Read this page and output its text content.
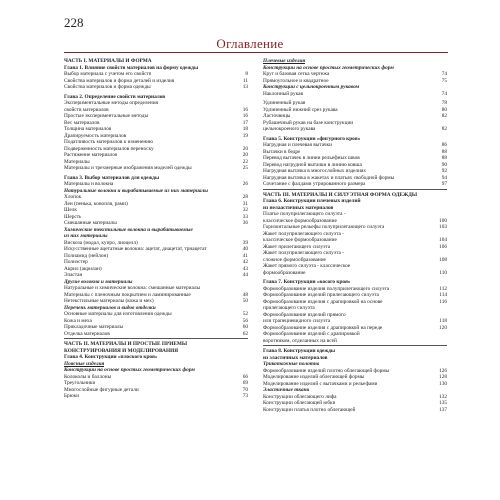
228
Оглавление
ЧАСТЬ I. МАТЕРИАЛЫ И ФОРМА
Глава 1. Влияние свойств материалов на форму одежды
Выбор материала с учетом его свойств	8
Свойства материалов и форма деталей и изделия	11
Свойства материалов и форма одежды	13
Глава 2. Определение свойств материалов
Экспериментальные методы определения
свойств материалов	16
Простые экспериментальные методы	16
Вес материалов	17
Толщина материалов	18
Драпируемость материалов	19
Податливость материалов к изменению
Подверженность материалов переноску	20
Растяжение материалов	20
Материалы	22
Материалы и трехмерные изображения моделей одежды	25
Глава 3. Выбор материалов для одежды
Материалы и волокна	26
Натуральные волокна и вырабатываемые из них материалы
Хлопок	28
Лен (пенька, конопля, рами)	31
Шелк	32
Шерсть	33
Смешанные материалы	36
Химические текстильные волокна и вырабатываемые
из них материалы
Вискоза (модал, купро, лиоцелл)	39
Искусственные ацетатные волокна: ацетат, диацетат, триацетат	40
Полиамид (нейлон)	41
Полиэстер	42
Акрил (акрилан)	43
Эластан	44
Другие волокна и материалы
Натуральные и химические волокна: смешанные материалы
Материалы с пленочным покрытием и ламинированные	48
Нетекстильные материалы (кожа и мех)	50
Перечень материалов и видов отделки
Основные материалы для изготовления одежды	52
Кожа и меха	56
Прикладочные материалы	60
Отделка материалов	62
ЧАСТЬ II. МАТЕРИАЛЫ И ПРОСТЫЕ ПРИЕМЫ
КОНСТРУИРОВАНИЯ И МОДЕЛИРОВАНИЯ
Глава 4. Конструкции «плоского кроя»
Поясные изделия
Конструкции на основе простых геометрических форм
Колоколы и баллоны	66
Треугольники	69
Многослойные фигурные детали	70
Брюки	73
Плечевые изделия
Конструкции на основе простых геометрических форм
Круг и базовая сетка чертежа	74
Прямоугольное и квадратное	75
Конструкции с цельнокроенным рукавом
Наклонный рукав	74
Удлиненный рукав	78
Удлиненный нижний срез рукава	80
Ласточвицы	82
Рубашечный рукав на базе конструкции
цельнокроеного рукава	82
Глава 5. Конструкции «фигурного кроя»
Нагрудная и плечевая вытачки	86
Вытачки в бедре	88
Перевод вытачек в линии рельефных швов	88
Перевод нагрудной вытачки в линию ковша	90
Нагрудная вытачка в многослойных изделиях	92
Нагрудная вытачка в жакетах и платьях свободной формы	94
Сочетание с фалдами утрированного размера	97
ЧАСТЬ III. МАТЕРИАЛЫ И СИЛУЭТНАЯ ФОРМА ОДЕЖДЫ
Глава 6. Конструкции плечевых изделий
из нелаастичных материалов
Платье полуприлегающего силуэта -
классическое формообразование	100
Горизонтальные рельефы полуприлегающего силуэта	103
Жакет полуприлегающего силуэта -
классическое формообразование	104
Жакет прилегающего силуэта	106
Жакет полуприлегающего силуэта -
сложное формообразование	108
Жакет прямого силуэта - классическое
формообразование	110
Глава 7. Конструкции «косого кроя»
Формообразование изделия полуприлегающего силуэта	112
Формообразование изделий прилегающего силуэта	114
Формообразование изделия с драпировкой на основе	116
прилегающего силуэта
Формообразование изделий прямого
или трапециевидного силуэта	118
Формообразование изделия с драпировкой на переде	120
Формообразование изделий с драпировкой
воротником, отделанных на всей
Глава 8. Конструкции одежды
из эластичных материалов
Трикотажные полотна
Формообразование изделий плотно облегающей формы	126
Моделирование изделий облегающей формы	128
Моделирование изделий с вытачками и рельефами	130
Эластичные ткани
Конструкции облегающего лифа	132
Конструкции облегающей юбки	135
Конструкции платья плотно облегающей	137
